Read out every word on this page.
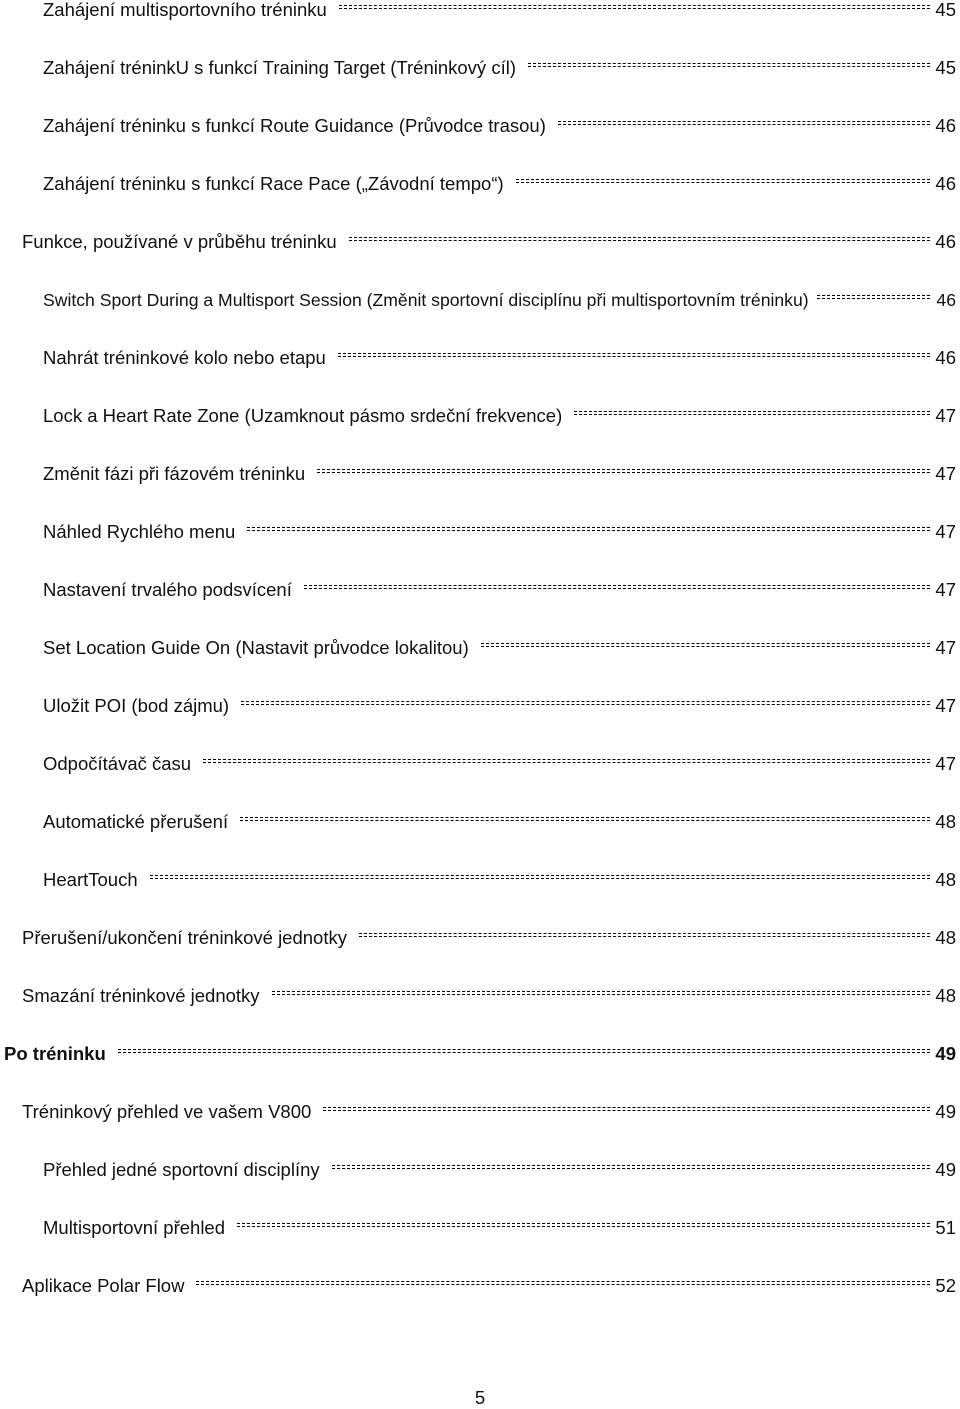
Zahájení multisportovního tréninku	45
Zahájení tréninkU s funkcí Training Target (Tréninkový cíl)	45
Zahájení tréninku s funkcí Route Guidance (Průvodce trasou)	46
Zahájení tréninku s funkcí Race Pace („Závodní tempo“)	46
Funkce, používané v průběhu tréninku	46
Switch Sport During a Multisport Session (Změnit sportovní disciplínu při multisportovním tréninku)	46
Nahrát tréninkové kolo nebo etapu	46
Lock a Heart Rate Zone (Uzamknout pásmo srdeční frekvence)	47
Změnit fázi při fázovém tréninku	47
Náhled Rychlého menu	47
Nastavení trvalého podsvícení	47
Set Location Guide On (Nastavit průvodce lokalitou)	47
Uložit POI (bod zájmu)	47
Odpočítávač času	47
Automatické přerušení	48
HeartTouch	48
Přerušení/ukončení tréninkové jednotky	48
Smazání tréninkové jednotky	48
Po tréninku	49
Tréninkový přehled ve vašem V800	49
Přehled jedné sportovní disciplíny	49
Multisportovní přehled	51
Aplikace Polar Flow	52
5
